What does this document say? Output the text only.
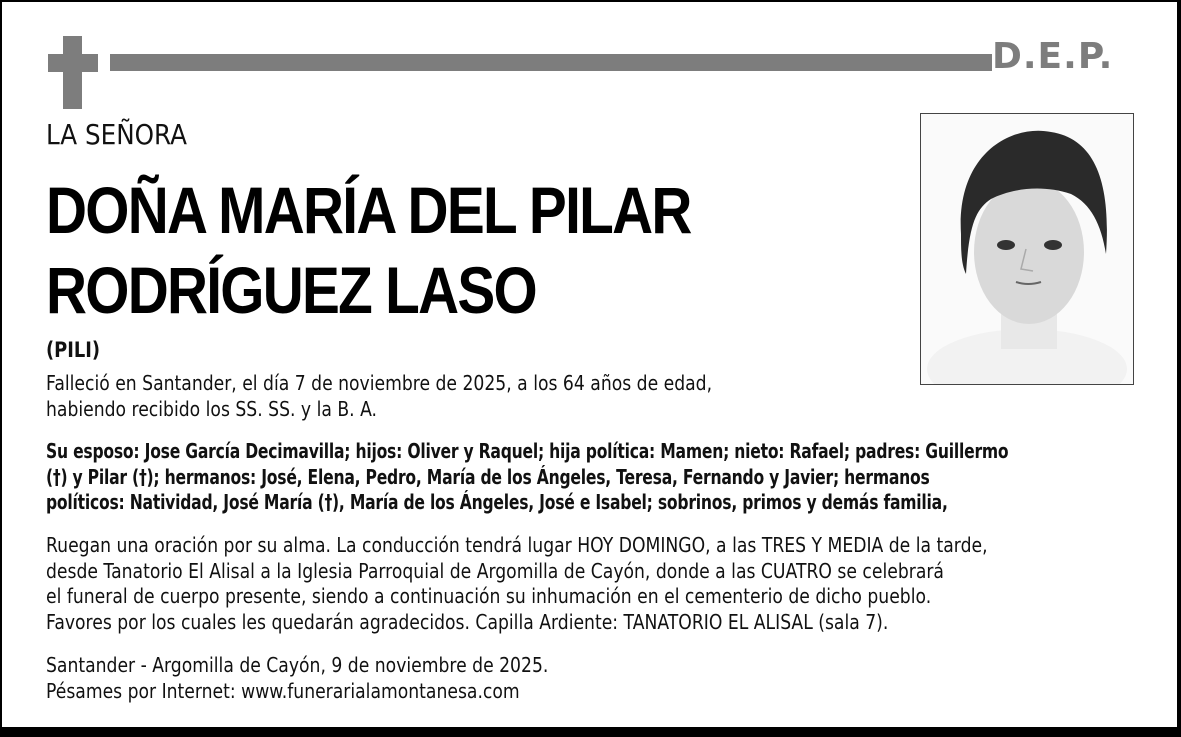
D.E.P.
LA SEÑORA
DOÑA MARÍA DEL PILAR
RODRÍGUEZ LASO
(PILI)
Falleció en Santander, el día 7 de noviembre de 2025, a los 64 años de edad,
habiendo recibido los SS. SS. y la B. A.
Su esposo: Jose García Decimavilla; hijos: Oliver y Raquel; hija política: Mamen; nieto: Rafael; padres: Guillermo
(†) y Pilar (†); hermanos: José, Elena, Pedro, María de los Ángeles, Teresa, Fernando y Javier; hermanos
políticos: Natividad, José María (†), María de los Ángeles, José e Isabel; sobrinos, primos y demás familia,
Ruegan una oración por su alma. La conducción tendrá lugar HOY DOMINGO, a las TRES Y MEDIA de la tarde,
desde Tanatorio El Alisal a la Iglesia Parroquial de Argomilla de Cayón, donde a las CUATRO se celebrará
el funeral de cuerpo presente, siendo a continuación su inhumación en el cementerio de dicho pueblo.
Favores por los cuales les quedarán agradecidos. Capilla Ardiente: TANATORIO EL ALISAL (sala 7).
Santander - Argomilla de Cayón, 9 de noviembre de 2025.
Pésames por Internet: www.funerarialamontanesa.com
